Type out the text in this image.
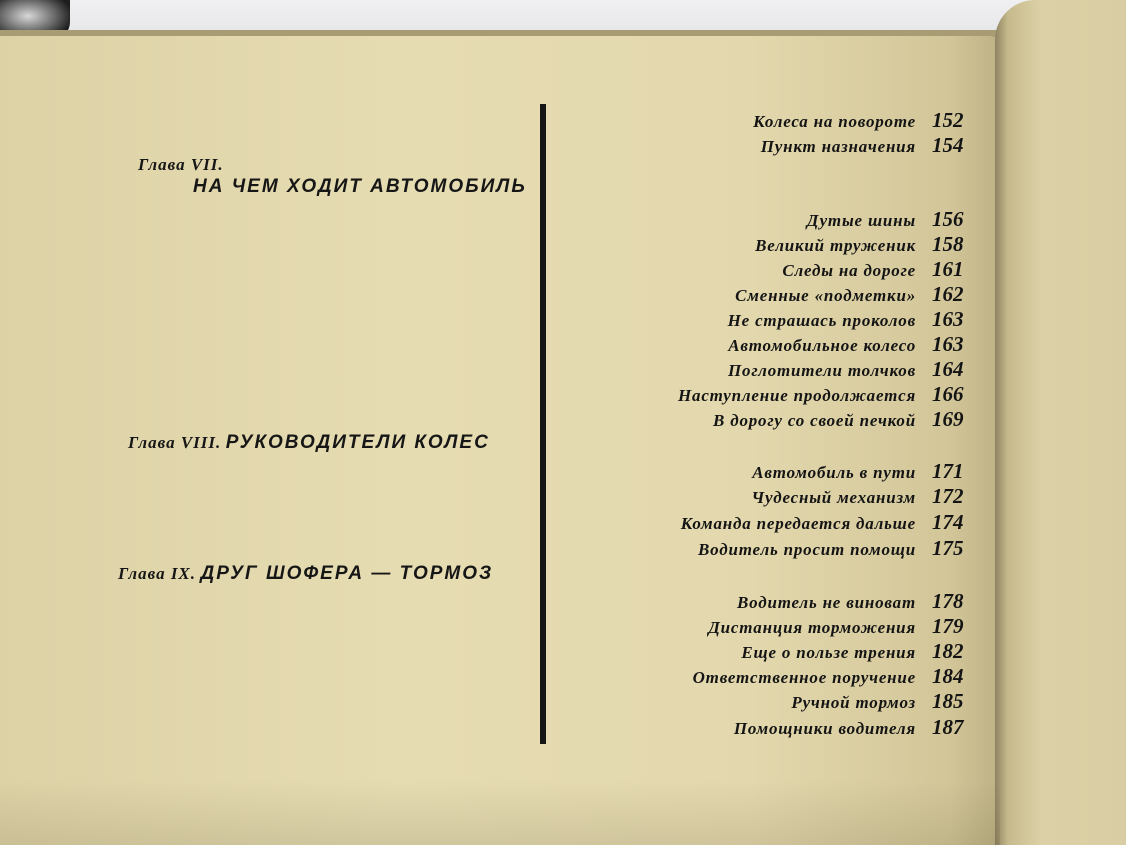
Глава VII.
НА ЧЕМ ХОДИТ АВТОМОБИЛЬ
Глава VIII. РУКОВОДИТЕЛИ КОЛЕС
Глава IX. ДРУГ ШОФЕРА — ТОРМОЗ
Колеса на повороте 152
Пункт назначения 154
Дутые шины 156
Великий труженик 158
Следы на дороге 161
Сменные «подметки» 162
Не страшась проколов 163
Автомобильное колесо 163
Поглотители толчков 164
Наступление продолжается 166
В дорогу со своей печкой 169
Автомобиль в пути 171
Чудесный механизм 172
Команда передается дальше 174
Водитель просит помощи 175
Водитель не виноват 178
Дистанция торможения 179
Еще о пользе трения 182
Ответственное поручение 184
Ручной тормоз 185
Помощники водителя 187
